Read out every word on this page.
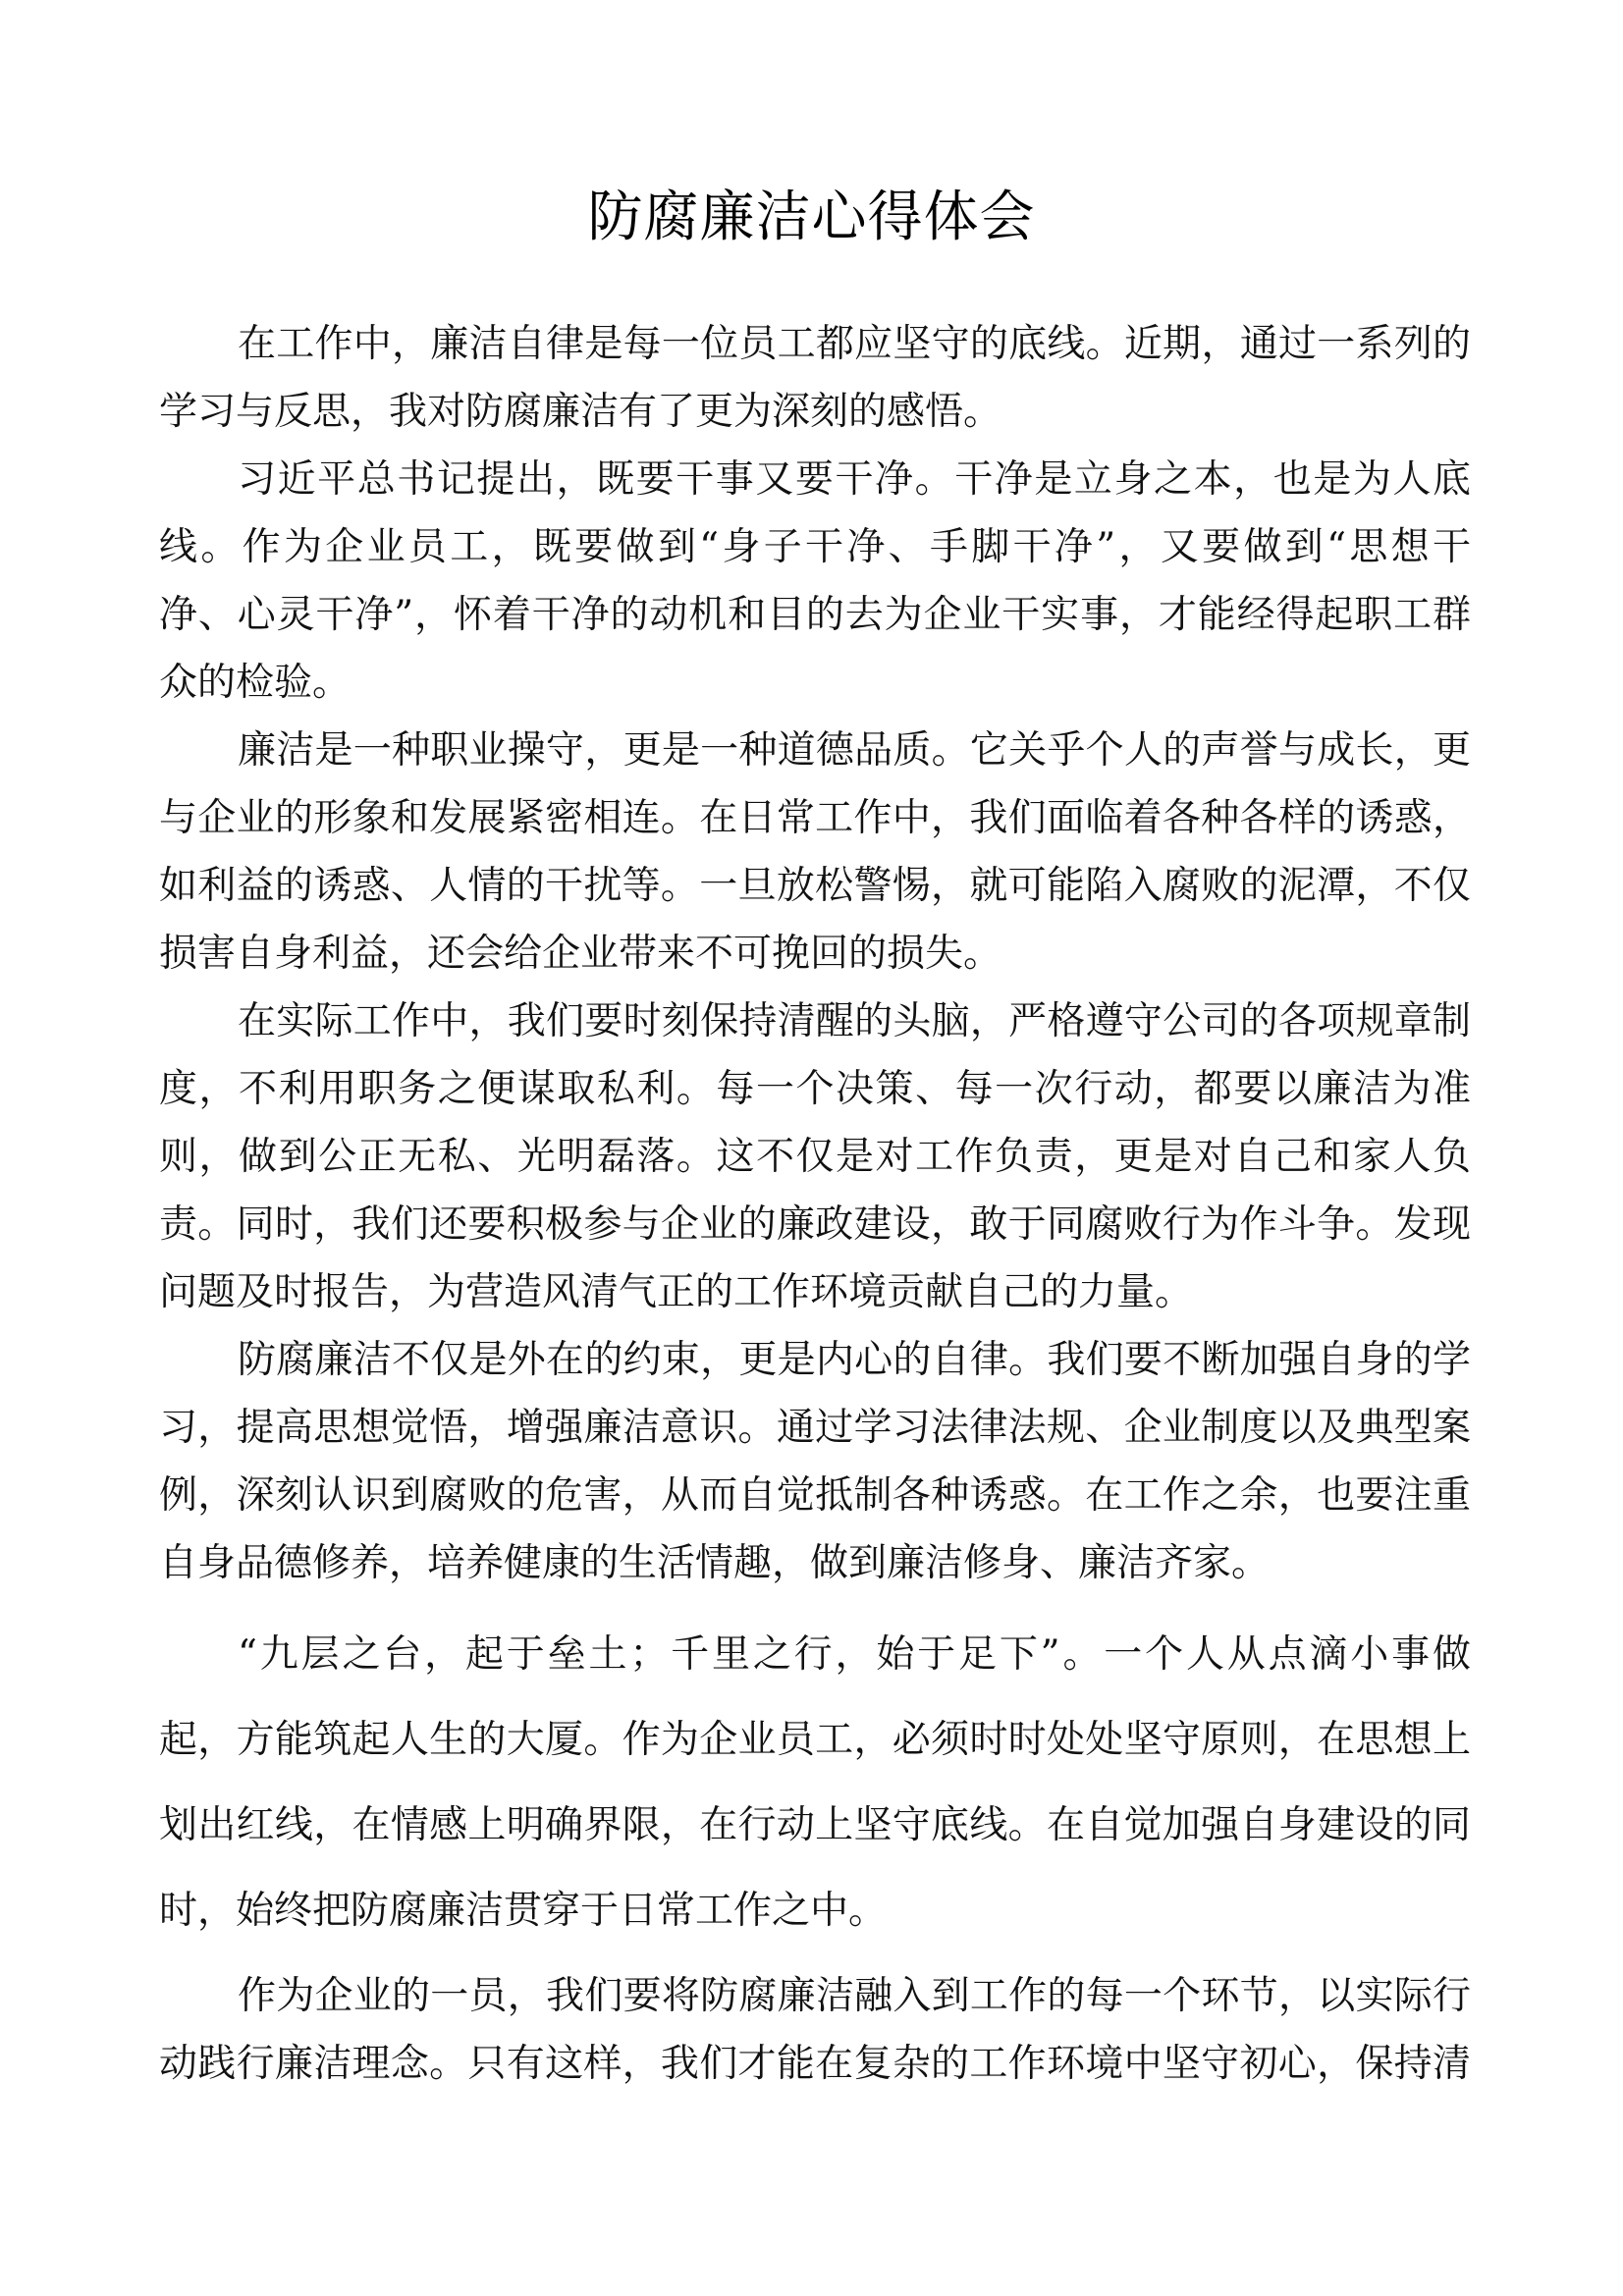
防腐廉洁心得体会
在工作中，廉洁自律是每一位员工都应坚守的底线。近期，通过一系列的
学习与反思，我对防腐廉洁有了更为深刻的感悟。
习近平总书记提出，既要干事又要干净。干净是立身之本，也是为人底
线。作为企业员工，既要做到“身子干净、手脚干净”，又要做到“思想干
净、心灵干净”，怀着干净的动机和目的去为企业干实事，才能经得起职工群
众的检验。
廉洁是一种职业操守，更是一种道德品质。它关乎个人的声誉与成长，更
与企业的形象和发展紧密相连。在日常工作中，我们面临着各种各样的诱惑，
如利益的诱惑、人情的干扰等。一旦放松警惕，就可能陷入腐败的泥潭，不仅
损害自身利益，还会给企业带来不可挽回的损失。
在实际工作中，我们要时刻保持清醒的头脑，严格遵守公司的各项规章制
度，不利用职务之便谋取私利。每一个决策、每一次行动，都要以廉洁为准
则，做到公正无私、光明磊落。这不仅是对工作负责，更是对自己和家人负
责。同时，我们还要积极参与企业的廉政建设，敢于同腐败行为作斗争。发现
问题及时报告，为营造风清气正的工作环境贡献自己的力量。
防腐廉洁不仅是外在的约束，更是内心的自律。我们要不断加强自身的学
习，提高思想觉悟，增强廉洁意识。通过学习法律法规、企业制度以及典型案
例，深刻认识到腐败的危害，从而自觉抵制各种诱惑。在工作之余，也要注重
自身品德修养，培养健康的生活情趣，做到廉洁修身、廉洁齐家。
“九层之台，起于垒土；千里之行，始于足下”。一个人从点滴小事做
起，方能筑起人生的大厦。作为企业员工，必须时时处处坚守原则，在思想上
划出红线，在情感上明确界限，在行动上坚守底线。在自觉加强自身建设的同
时，始终把防腐廉洁贯穿于日常工作之中。
作为企业的一员，我们要将防腐廉洁融入到工作的每一个环节，以实际行
动践行廉洁理念。只有这样，我们才能在复杂的工作环境中坚守初心，保持清
